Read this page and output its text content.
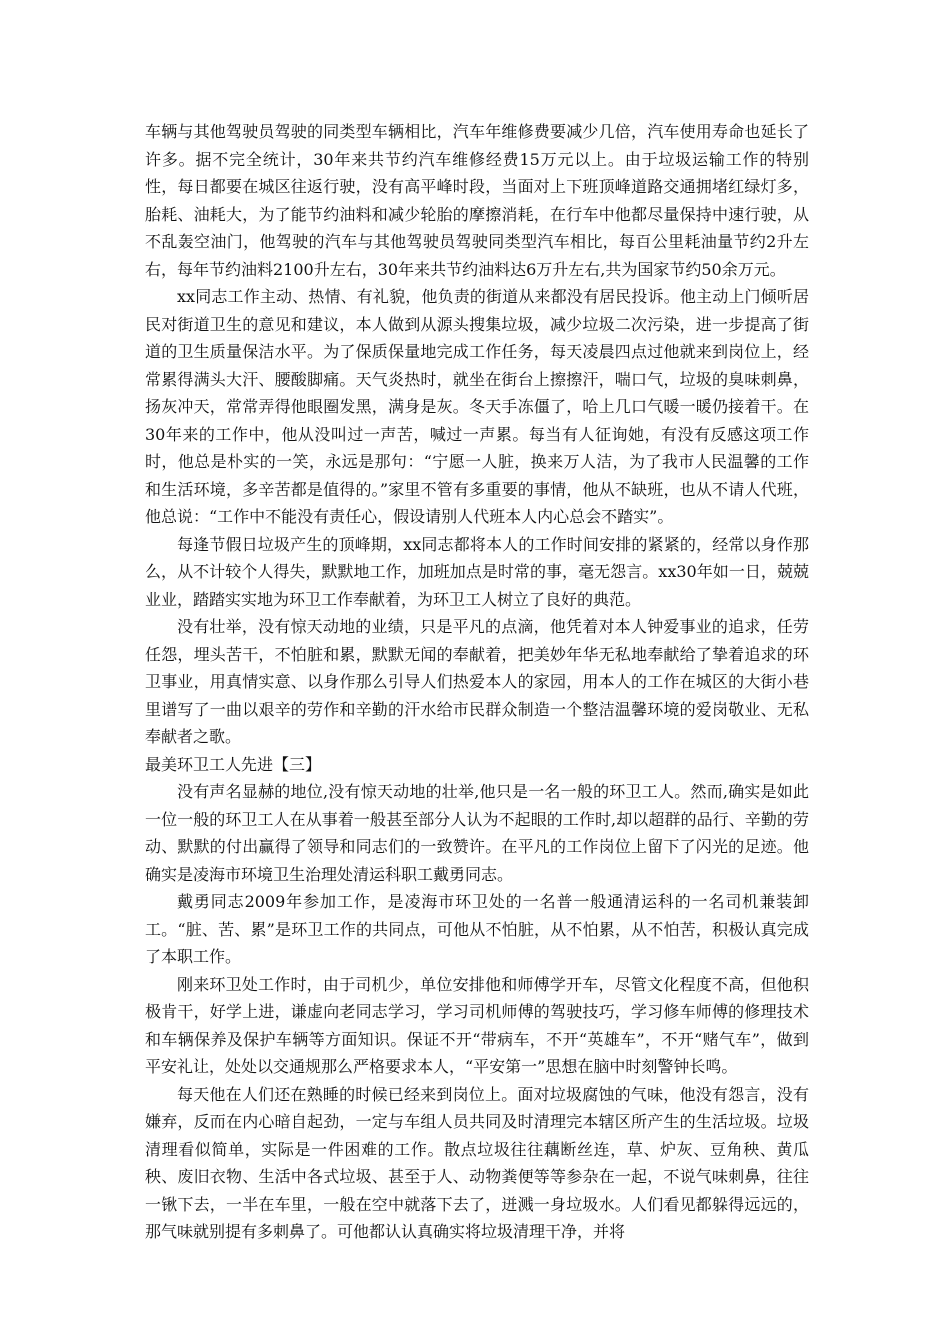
车辆与其他驾驶员驾驶的同类型车辆相比，汽车年维修费要减少几倍，汽车使用寿命也延长了许多。据不完全统计，30年来共节约汽车维修经费15万元以上。由于垃圾运输工作的特别性，每日都要在城区往返行驶，没有高平峰时段，当面对上下班顶峰道路交通拥堵红绿灯多，胎耗、油耗大，为了能节约油料和减少轮胎的摩擦消耗，在行车中他都尽量保持中速行驶，从不乱轰空油门，他驾驶的汽车与其他驾驶员驾驶同类型汽车相比，每百公里耗油量节约2升左右，每年节约油料2100升左右，30年来共节约油料达6万升左右,共为国家节约50余万元。

xx同志工作主动、热情、有礼貌，他负责的街道从来都没有居民投诉。他主动上门倾听居民对街道卫生的意见和建议，本人做到从源头搜集垃圾，减少垃圾二次污染，进一步提高了街道的卫生质量保洁水平。为了保质保量地完成工作任务，每天凌晨四点过他就来到岗位上，经常累得满头大汗、腰酸脚痛。天气炎热时，就坐在街台上擦擦汗，喘口气，垃圾的臭味刺鼻，扬灰冲天，常常弄得他眼圈发黑，满身是灰。冬天手冻僵了，哈上几口气暖一暖仍接着干。在30年来的工作中，他从没叫过一声苦，喊过一声累。每当有人征询她，有没有反感这项工作时，他总是朴实的一笑，永远是那句：“宁愿一人脏，换来万人洁，为了我市人民温馨的工作和生活环境，多辛苦都是值得的。”家里不管有多重要的事情，他从不缺班，也从不请人代班，他总说：“工作中不能没有责任心，假设请别人代班本人内心总会不踏实”。

每逢节假日垃圾产生的顶峰期，xx同志都将本人的工作时间安排的紧紧的，经常以身作那么，从不计较个人得失，默默地工作，加班加点是时常的事，毫无怨言。xx30年如一日，兢兢业业，踏踏实实地为环卫工作奉献着，为环卫工人树立了良好的典范。

没有壮举，没有惊天动地的业绩，只是平凡的点滴，他凭着对本人钟爱事业的追求，任劳任怨，埋头苦干，不怕脏和累，默默无闻的奉献着，把美妙年华无私地奉献给了挚着追求的环卫事业，用真情实意、以身作那么引导人们热爱本人的家园，用本人的工作在城区的大街小巷里谱写了一曲以艰辛的劳作和辛勤的汗水给市民群众制造一个整洁温馨环境的爱岗敬业、无私奉献者之歌。

最美环卫工人先进【三】

没有声名显赫的地位,没有惊天动地的壮举,他只是一名一般的环卫工人。然而,确实是如此一位一般的环卫工人在从事着一般甚至部分人认为不起眼的工作时,却以超群的品行、辛勤的劳动、默默的付出赢得了领导和同志们的一致赞许。在平凡的工作岗位上留下了闪光的足迹。他确实是凌海市环境卫生治理处清运科职工戴勇同志。

戴勇同志2009年参加工作，是凌海市环卫处的一名普一般通清运科的一名司机兼装卸工。“脏、苦、累”是环卫工作的共同点，可他从不怕脏，从不怕累，从不怕苦，积极认真完成了本职工作。

刚来环卫处工作时，由于司机少，单位安排他和师傅学开车，尽管文化程度不高，但他积极肯干，好学上进，谦虚向老同志学习，学习司机师傅的驾驶技巧，学习修车师傅的修理技术和车辆保养及保护车辆等方面知识。保证不开“带病车，不开“英雄车”，不开“赌气车”，做到平安礼让，处处以交通规那么严格要求本人，“平安第一”思想在脑中时刻警钟长鸣。

每天他在人们还在熟睡的时候已经来到岗位上。面对垃圾腐蚀的气味，他没有怨言，没有嫌弃，反而在内心暗自起劲，一定与车组人员共同及时清理完本辖区所产生的生活垃圾。垃圾清理看似简单，实际是一件困难的工作。散点垃圾往往藕断丝连，草、炉灰、豆角秧、黄瓜秧、废旧衣物、生活中各式垃圾、甚至于人、动物粪便等等参杂在一起，不说气味刺鼻，往往一锹下去，一半在车里，一般在空中就落下去了，迸溅一身垃圾水。人们看见都躲得远远的，那气味就别提有多刺鼻了。可他都认认真确实将垃圾清理干净，并将
